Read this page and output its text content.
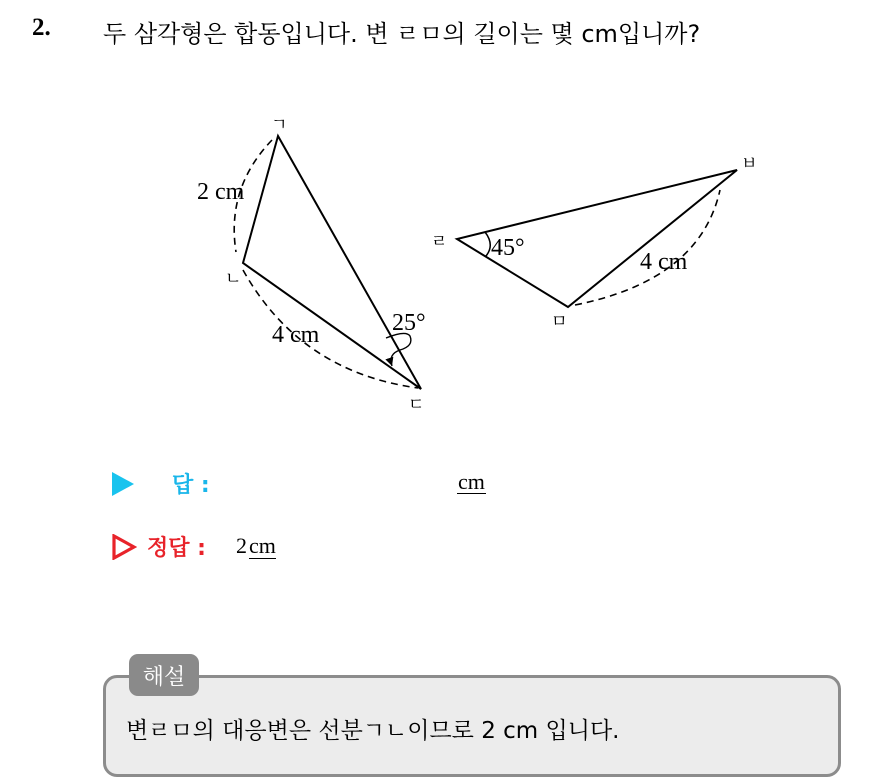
2. 두 삼각형은 합동입니다. 변 ㄹㅁ의 길이는 몇 cm입니까?
ㄱ
ㄴ
ㄷ
2 cm
4 cm	25°
ㄹ
ㅁ
ㅂ
45°
4 cm
답 :	cm
정답 : 2cm
해설
변ㄹㅁ의 대응변은 선분ㄱㄴ이므로 2 cm 입니다.
